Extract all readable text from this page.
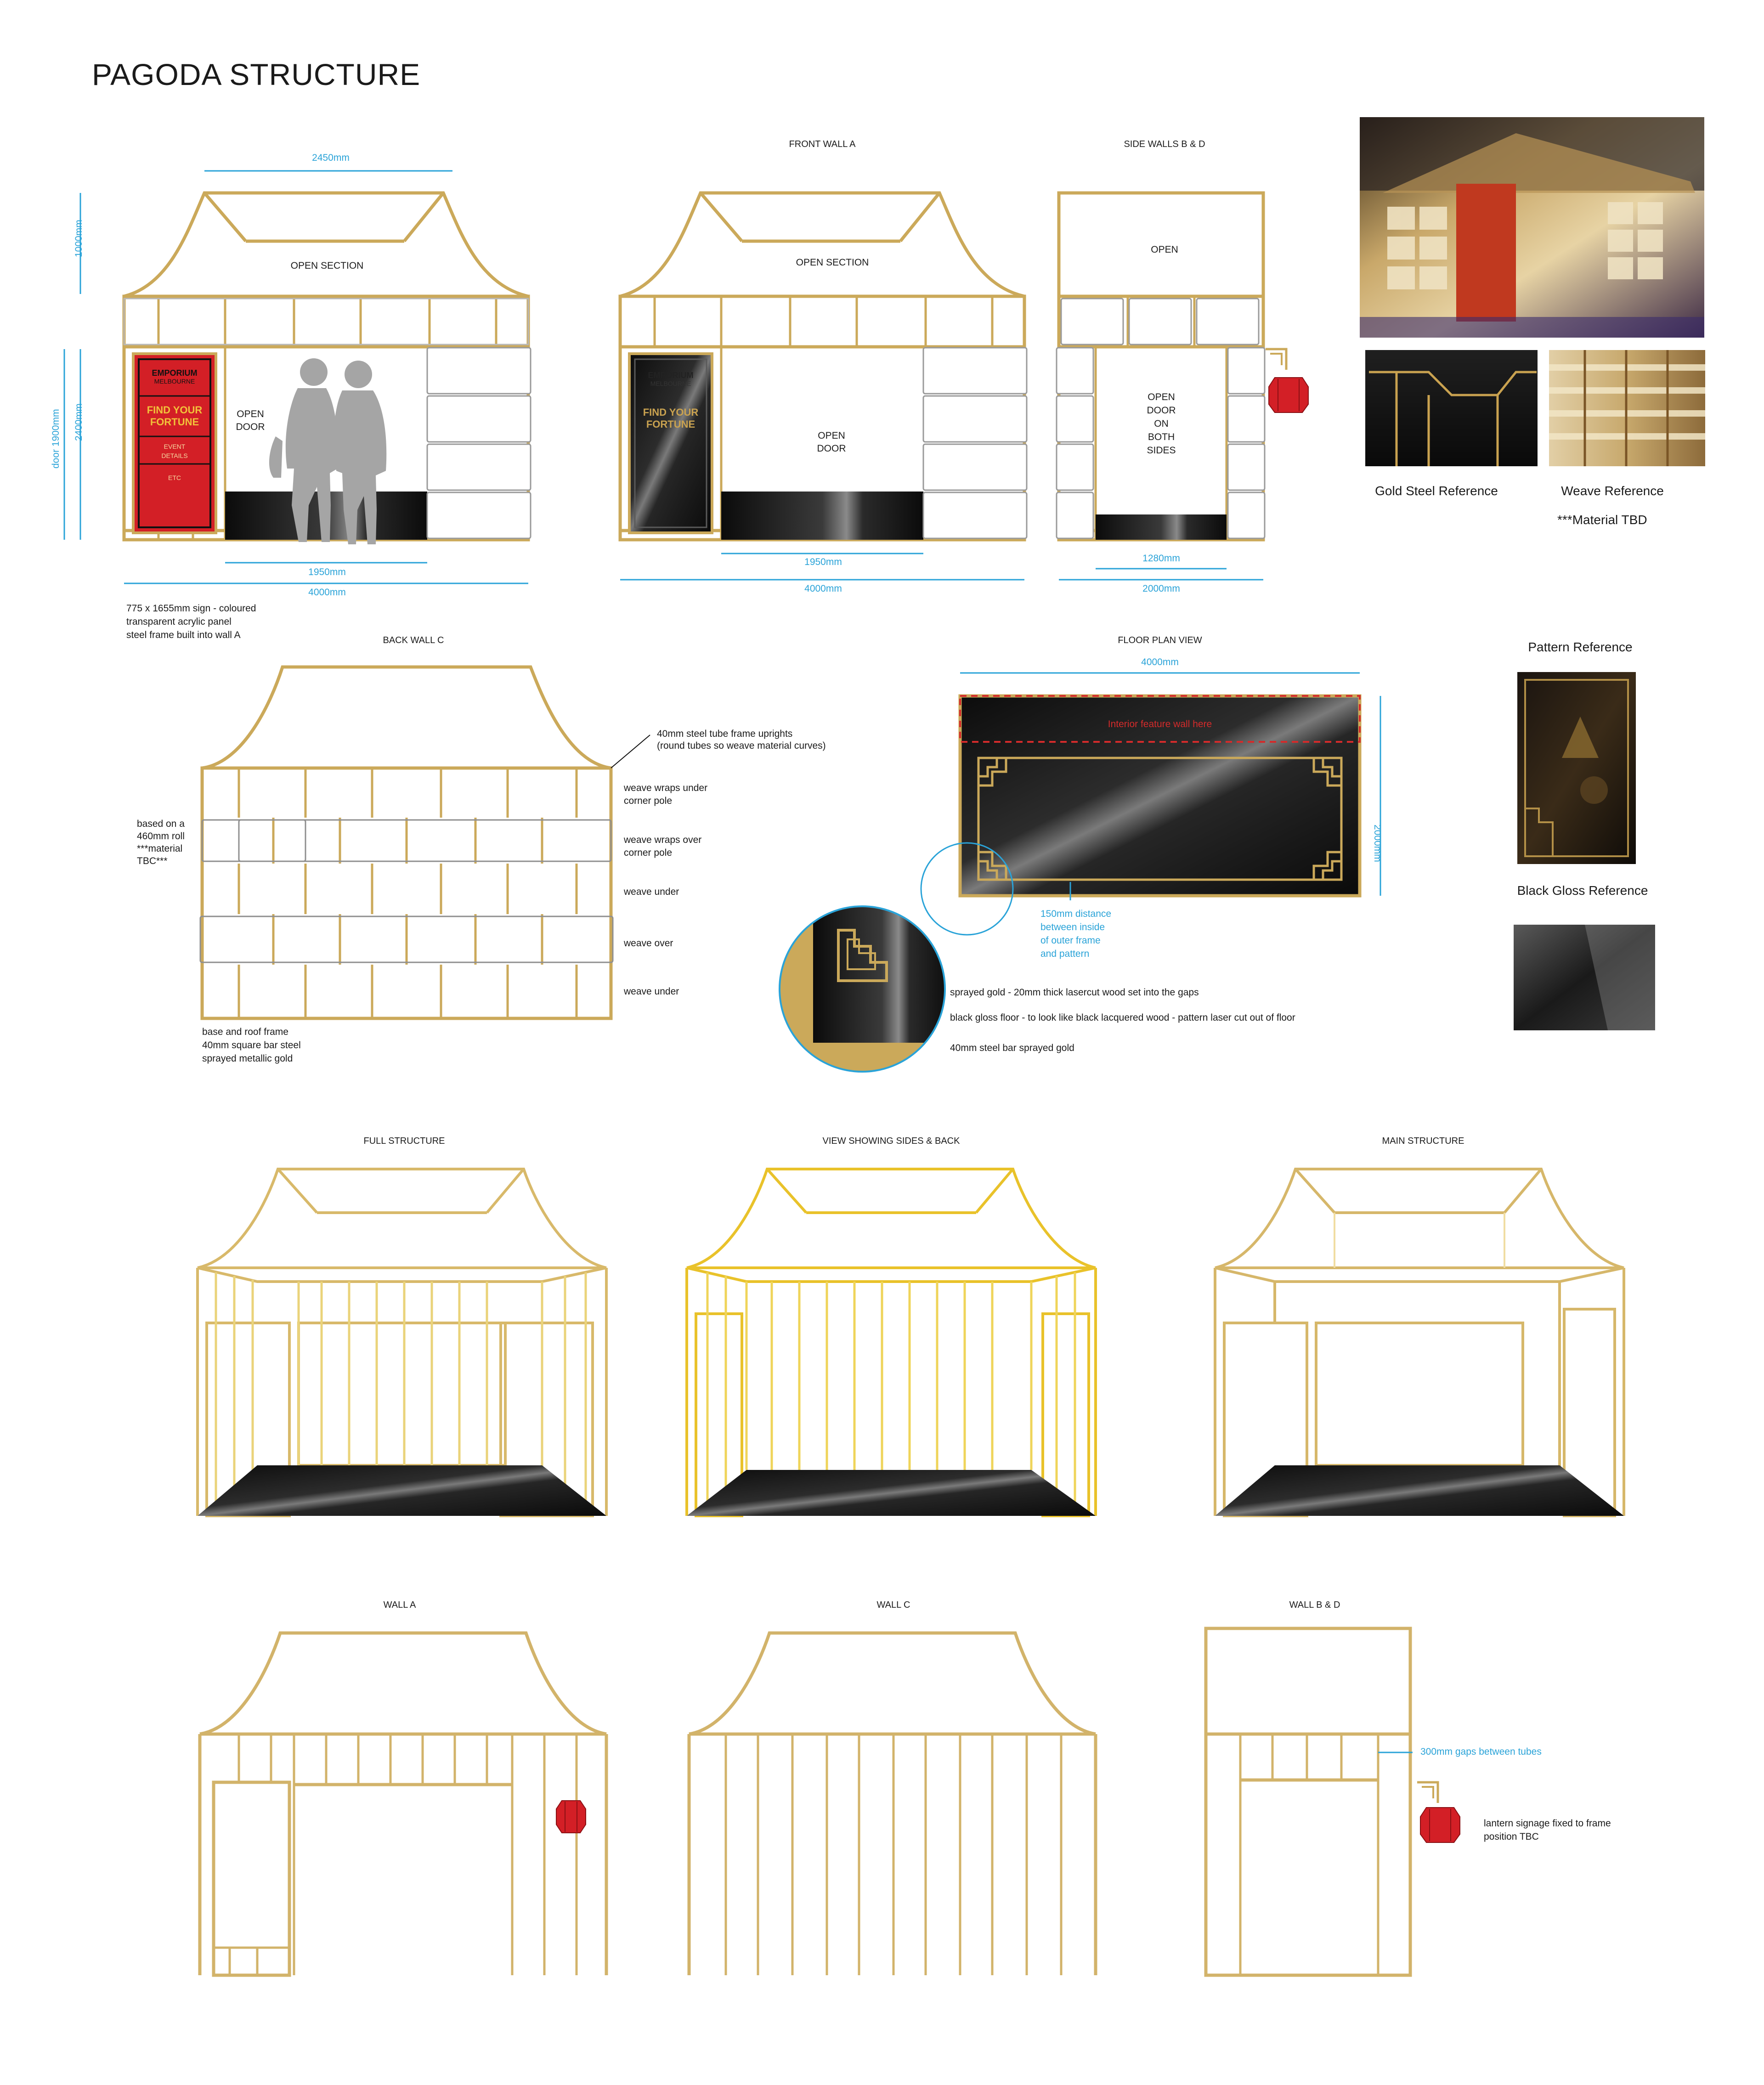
PAGODA STRUCTURE
2450mm
1000mm
2400mm
door 1900mm
OPEN SECTION
OPEN
DOOR
1950mm
4000mm
775 x 1655mm sign - coloured
transparent acrylic panel
steel frame built into wall A
EMPORIUM
MELBOURNE
FIND YOUR
FORTUNE
EVENT
DETAILS
ETC
FRONT WALL A
OPEN SECTION
OPEN
DOOR
1950mm
4000mm
EMPORIUM
MELBOURNE
FIND YOUR
FORTUNE
SIDE WALLS B & D
OPEN
OPEN
DOOR
ON
BOTH
SIDES
1280mm
2000mm
Gold Steel Reference	Weave Reference
***Material TBD
Pattern Reference
Black Gloss Reference
BACK WALL C
40mm steel tube frame uprights
(round tubes so weave material curves)
based on a
460mm roll
***material
TBC***
weave wraps under
corner pole
weave wraps over
corner pole
weave under
weave over
weave under
base and roof frame
40mm square bar steel
sprayed metallic gold
FLOOR PLAN VIEW
4000mm
2000mm
Interior feature wall here
150mm distance
between inside
of outer frame
and pattern
sprayed gold - 20mm thick lasercut wood set into the gaps
black gloss floor - to look like black lacquered wood - pattern laser cut out of floor
40mm steel bar sprayed gold
FULL STRUCTURE	VIEW SHOWING SIDES & BACK	MAIN STRUCTURE
WALL A	WALL C	WALL B & D
300mm gaps between tubes
lantern signage fixed to frame
position TBC
